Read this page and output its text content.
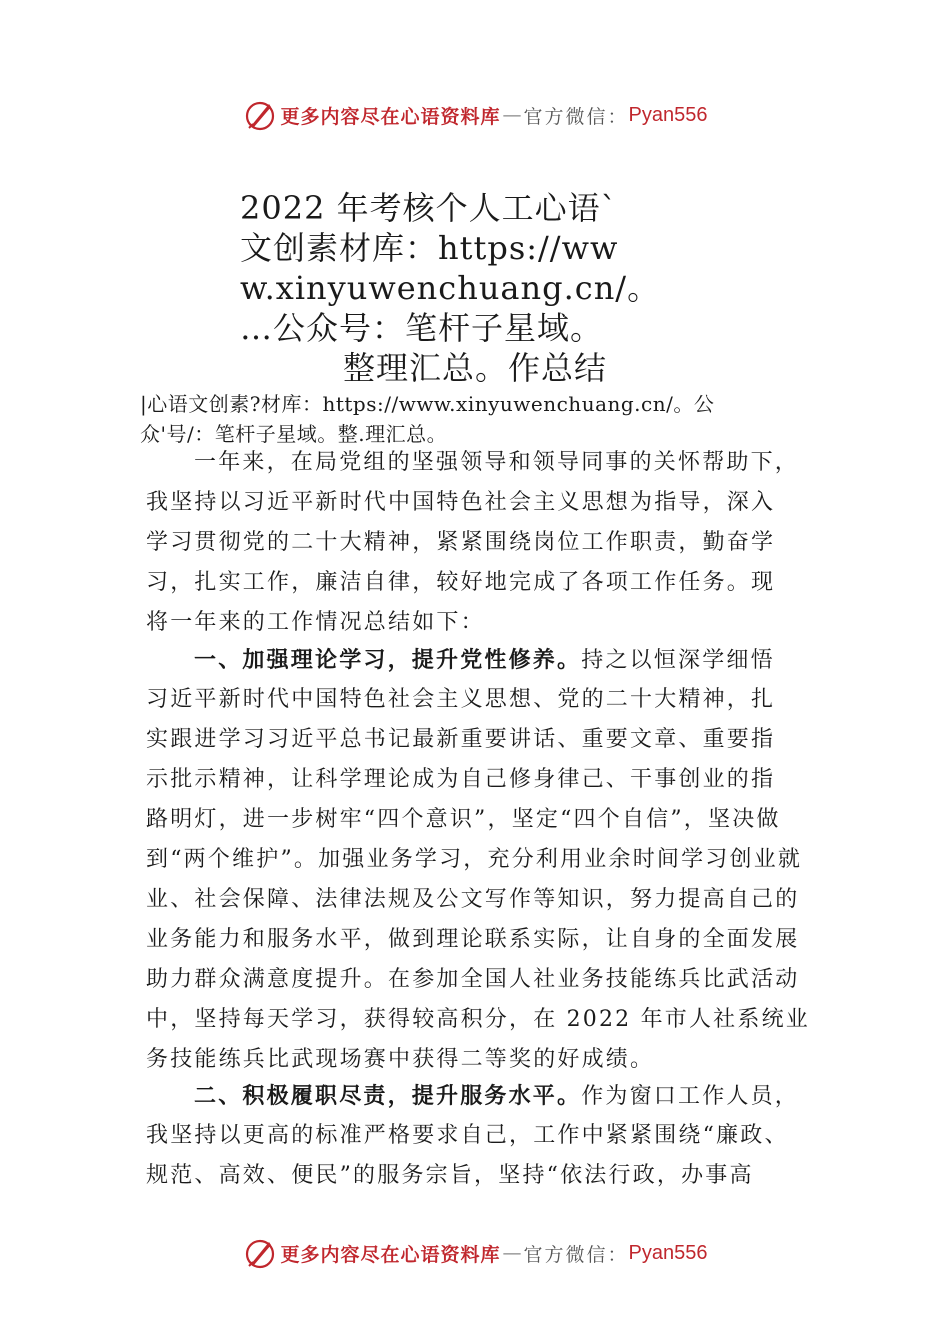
更多内容尽在心语资料库 — 官方微信： Pyan556
2022 年考核个人工心语`
文创素材库：https://ww
w.xinyuwenchuang.cn/。
…公众号：笔杆子星域。
整理汇总。作总结
|心语文创素?材库：https://www.xinyuwenchuang.cn/。公
众'号/：笔杆子星域。整.理汇总。
一年来，在局党组的坚强领导和领导同事的关怀帮助下，
我坚持以习近平新时代中国特色社会主义思想为指导，深入
学习贯彻党的二十大精神，紧紧围绕岗位工作职责，勤奋学
习，扎实工作，廉洁自律，较好地完成了各项工作任务。现
将一年来的工作情况总结如下：
一、加强理论学习，提升党性修养。持之以恒深学细悟
习近平新时代中国特色社会主义思想、党的二十大精神，扎
实跟进学习习近平总书记最新重要讲话、重要文章、重要指
示批示精神，让科学理论成为自己修身律己、干事创业的指
路明灯，进一步树牢“四个意识”，坚定“四个自信”，坚决做
到“两个维护”。加强业务学习，充分利用业余时间学习创业就
业、社会保障、法律法规及公文写作等知识，努力提高自己的
业务能力和服务水平，做到理论联系实际，让自身的全面发展
助力群众满意度提升。在参加全国人社业务技能练兵比武活动
中，坚持每天学习，获得较高积分，在 2022 年市人社系统业
务技能练兵比武现场赛中获得二等奖的好成绩。
二、积极履职尽责，提升服务水平。作为窗口工作人员，
我坚持以更高的标准严格要求自己，工作中紧紧围绕“廉政、
规范、高效、便民”的服务宗旨，坚持“依法行政，办事高
更多内容尽在心语资料库 — 官方微信： Pyan556
